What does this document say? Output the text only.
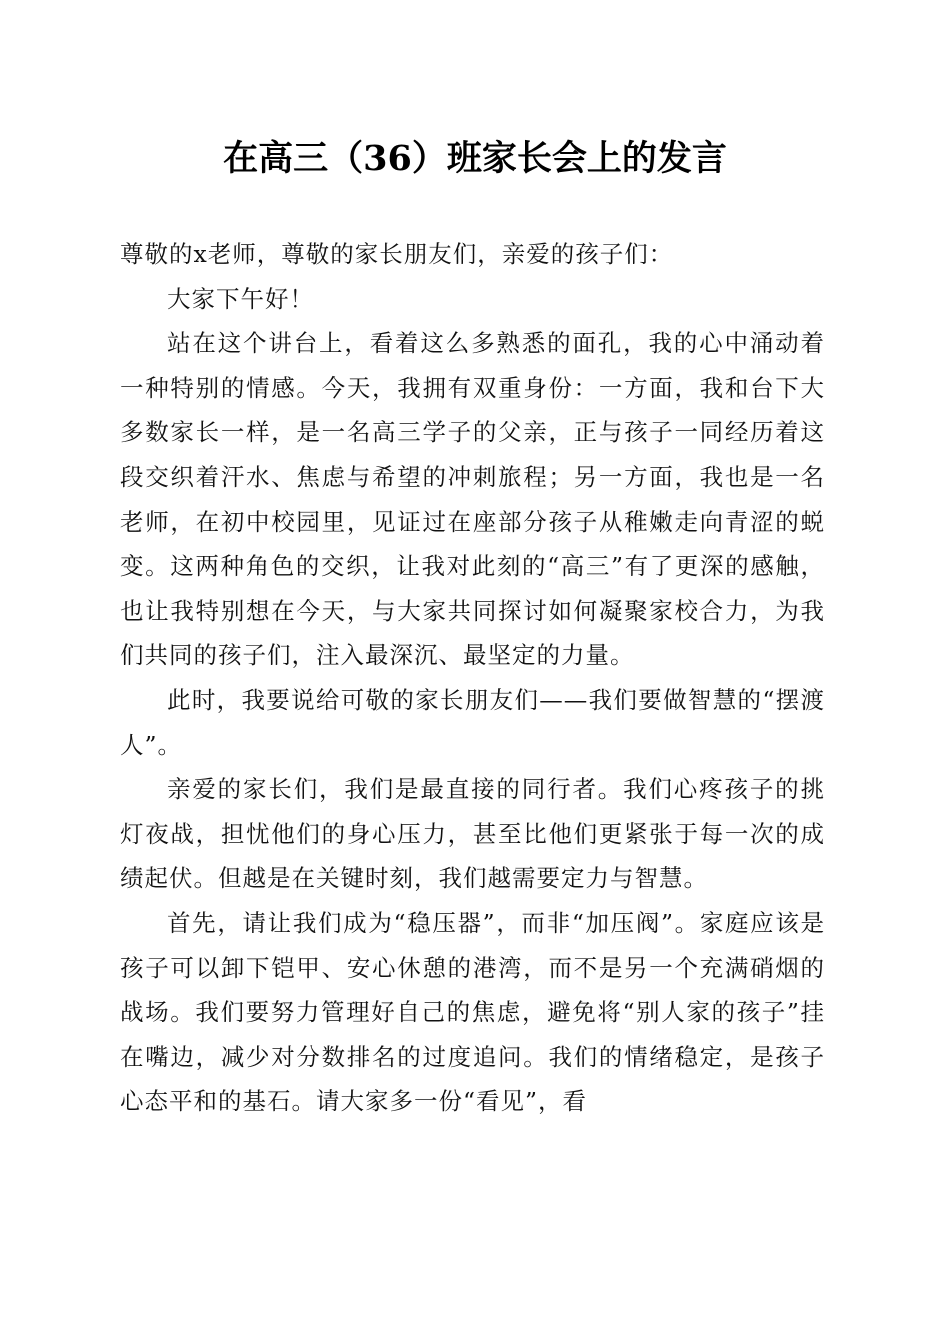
在高三（36）班家长会上的发言

尊敬的x老师，尊敬的家长朋友们，亲爱的孩子们：

大家下午好！

站在这个讲台上，看着这么多熟悉的面孔，我的心中涌动着一种特别的情感。今天，我拥有双重身份：一方面，我和台下大多数家长一样，是一名高三学子的父亲，正与孩子一同经历着这段交织着汗水、焦虑与希望的冲刺旅程；另一方面，我也是一名老师，在初中校园里，见证过在座部分孩子从稚嫩走向青涩的蜕变。这两种角色的交织，让我对此刻的“高三”有了更深的感触，也让我特别想在今天，与大家共同探讨如何凝聚家校合力，为我们共同的孩子们，注入最深沉、最坚定的力量。

此时，我要说给可敬的家长朋友们——我们要做智慧的“摆渡人”。

亲爱的家长们，我们是最直接的同行者。我们心疼孩子的挑灯夜战，担忧他们的身心压力，甚至比他们更紧张于每一次的成绩起伏。但越是在关键时刻，我们越需要定力与智慧。

首先，请让我们成为“稳压器”，而非“加压阀”。家庭应该是孩子可以卸下铠甲、安心休憩的港湾，而不是另一个充满硝烟的战场。我们要努力管理好自己的焦虑，避免将“别人家的孩子”挂在嘴边，减少对分数排名的过度追问。我们的情绪稳定，是孩子心态平和的基石。请大家多一份“看见”，看
